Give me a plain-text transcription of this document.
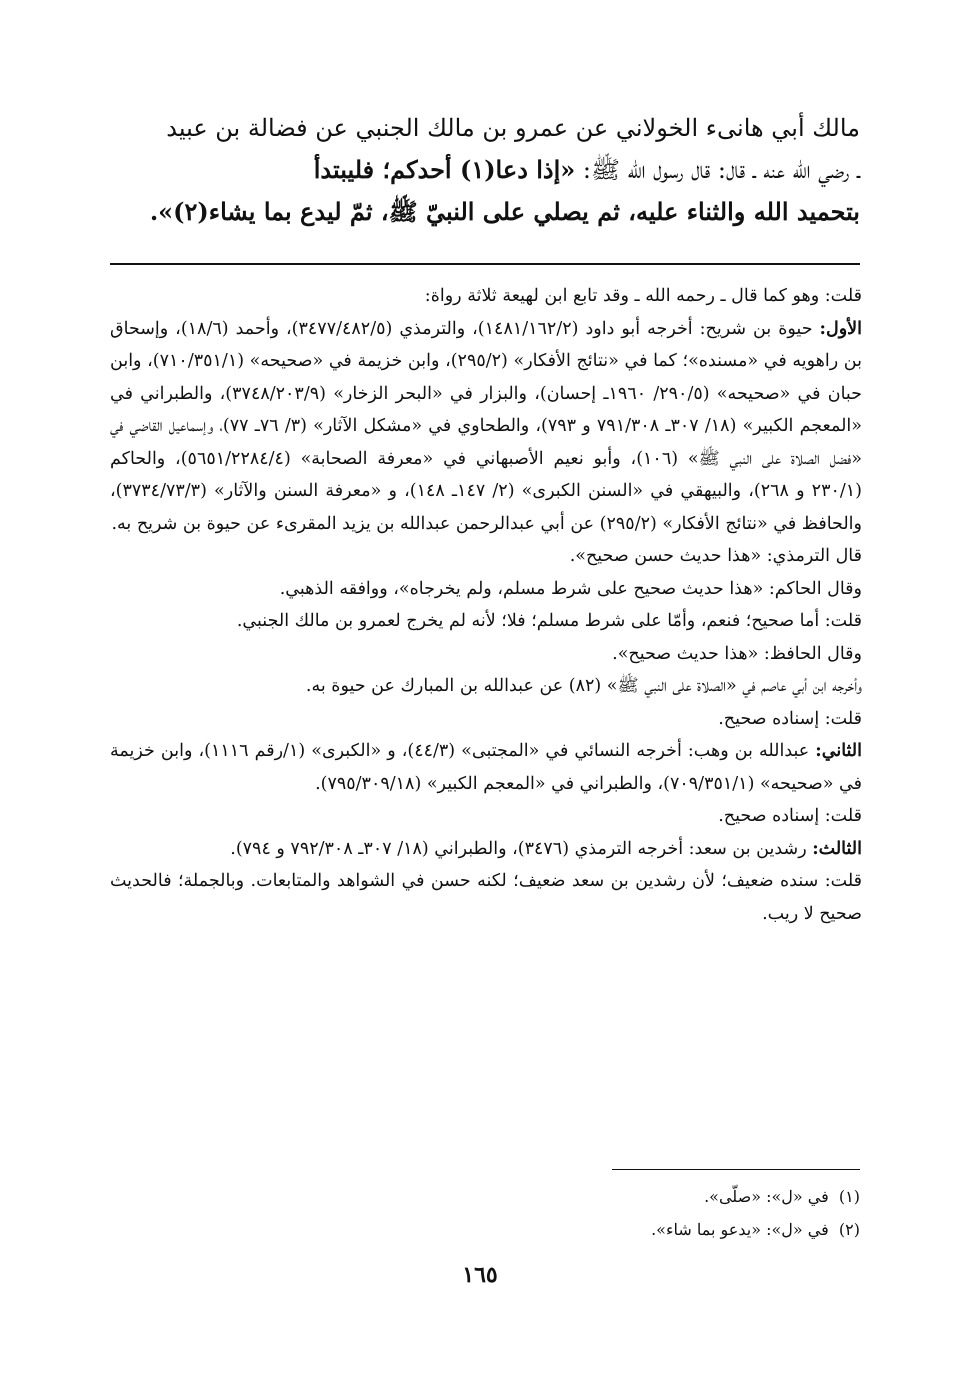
مالك أبي هانىء الخولاني عن عمرو بن مالك الجنبي عن فضالة بن عبيد

ـ رضي الله عنه ـ قال: قال رسول الله ﷺ: «إذا دعا(١) أحدكم؛ فليبتدأ

بتحميد الله والثناء عليه، ثم يصلي على النبيّ ﷺ، ثمّ ليدع بما يشاء(٢)».

قلت: وهو كما قال ـ رحمه الله ـ وقد تابع ابن لهيعة ثلاثة رواة:

الأول: حيوة بن شريح: أخرجه أبو داود (١٤٨١/١٦٢/٢)، والترمذي (٣٤٧٧/٤٨٢/٥)، وأحمد (١٨/٦)، وإسحاق بن راهويه في «مسنده»؛ كما في «نتائج الأفكار» (٢٩٥/٢)، وابن خزيمة في «صحيحه» (٧١٠/٣٥١/١)، وابن حبان في «صحيحه» (٢٩٠/٥/ ١٩٦٠ـ إحسان)، والبزار في «البحر الزخار» (٣٧٤٨/٢٠٣/٩)، والطبراني في «المعجم الكبير» (١٨/ ٣٠٧ـ ٧٩١/٣٠٨ و ٧٩٣)، والطحاوي في «مشكل الآثار» (٣/ ٧٦ـ ٧٧)، وإسماعيل القاضي في «فضل الصلاة على النبي ﷺ» (١٠٦)، وأبو نعيم الأصبهاني في «معرفة الصحابة» (٥٦٥١/٢٢٨٤/٤)، والحاكم (٢٣٠/١ و ٢٦٨)، والبيهقي في «السنن الكبرى» (٢/ ١٤٧ـ ١٤٨)، و «معرفة السنن والآثار» (٣٧٣٤/٧٣/٣)، والحافظ في «نتائج الأفكار» (٢٩٥/٢) عن أبي عبدالرحمن عبدالله بن يزيد المقرىء عن حيوة بن شريح به.

قال الترمذي: «هذا حديث حسن صحيح».

وقال الحاكم: «هذا حديث صحيح على شرط مسلم، ولم يخرجاه»، ووافقه الذهبي.

قلت: أما صحيح؛ فنعم، وأمّا على شرط مسلم؛ فلا؛ لأنه لم يخرج لعمرو بن مالك الجنبي.

وقال الحافظ: «هذا حديث صحيح».

وأخرجه ابن أبي عاصم في «الصلاة على النبي ﷺ» (٨٢) عن عبدالله بن المبارك عن حيوة به.

قلت: إسناده صحيح.

الثاني: عبدالله بن وهب: أخرجه النسائي في «المجتبى» (٤٤/٣)، و «الكبرى» (١/رقم ١١١٦)، وابن خزيمة في «صحيحه» (٧٠٩/٣٥١/١)، والطبراني في «المعجم الكبير» (٧٩٥/٣٠٩/١٨).

قلت: إسناده صحيح.

الثالث: رشدين بن سعد: أخرجه الترمذي (٣٤٧٦)، والطبراني (١٨/ ٣٠٧ـ ٧٩٢/٣٠٨ و ٧٩٤).

قلت: سنده ضعيف؛ لأن رشدين بن سعد ضعيف؛ لكنه حسن في الشواهد والمتابعات. وبالجملة؛ فالحديث صحيح لا ريب.

(١)  في «ل»: «صلّى».

(٢)  في «ل»: «يدعو بما شاء».

١٦٥
